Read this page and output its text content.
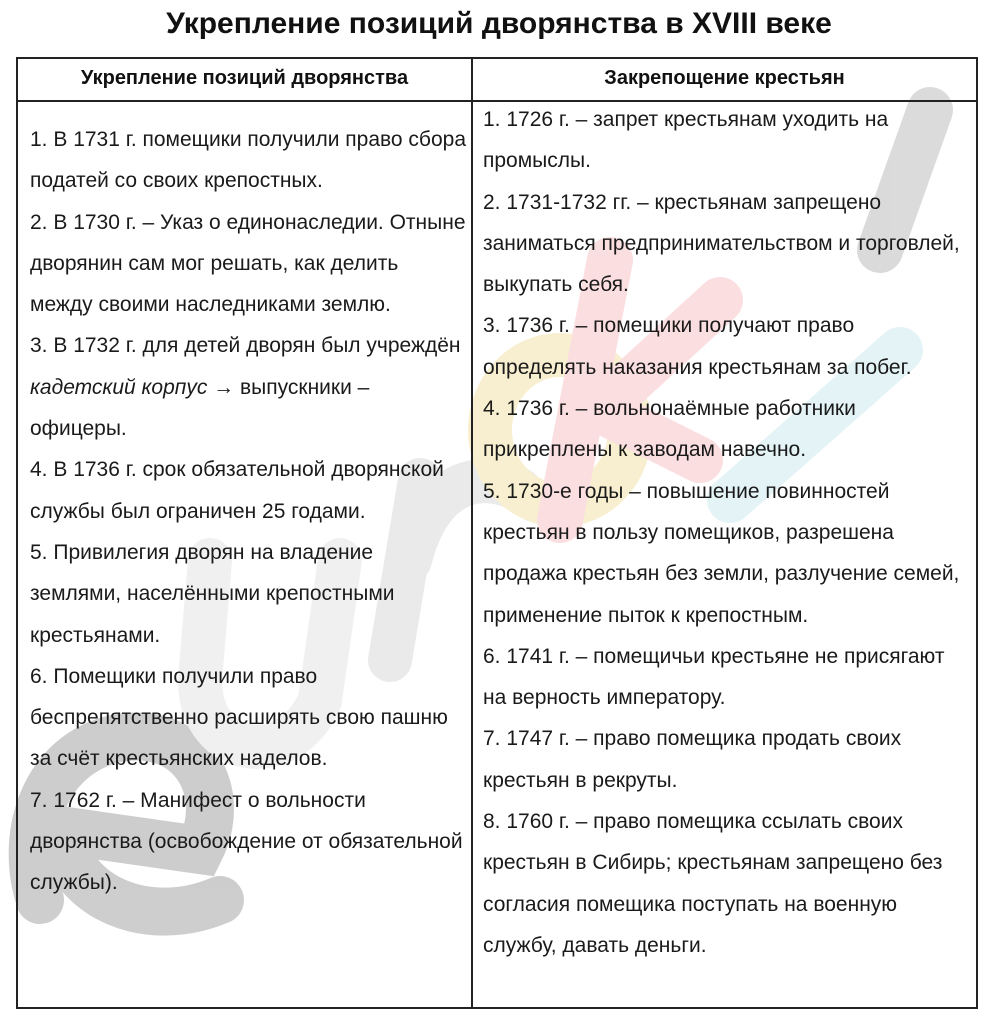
Укрепление позиций дворянства в XVIII веке
Укрепление позиций дворянства	Закрепощение крестьян

1. В 1731 г. помещики получили право сбора податей со своих крепостных.

2. В 1730 г. – Указ о единонаследии. Отныне дворянин сам мог решать, как делить между своими наследниками землю.

3. В 1732 г. для детей дворян был учреждён кадетский корпус → выпускники – офицеры.

4. В 1736 г. срок обязательной дворянской службы был ограничен 25 годами.

5. Привилегия дворян на владение землями, населёнными крепостными крестьянами.

6. Помещики получили право беспрепятственно расширять свою пашню за счёт крестьянских наделов.

7. 1762 г. – Манифест о вольности дворянства (освобождение от обязательной службы).

1. 1726 г. – запрет крестьянам уходить на промыслы.

2. 1731-1732 гг. – крестьянам запрещено заниматься предпринимательством и торговлей, выкупать себя.

3. 1736 г. – помещики получают право определять наказания крестьянам за побег.

4. 1736 г. – вольнонаёмные работники прикреплены к заводам навечно.

5. 1730-е годы – повышение повинностей крестьян в пользу помещиков, разрешена продажа крестьян без земли, разлучение семей, применение пыток к крепостным.

6. 1741 г. – помещичьи крестьяне не присягают на верность императору.

7. 1747 г. – право помещика продать своих крестьян в рекруты.

8. 1760 г. – право помещика ссылать своих крестьян в Сибирь; крестьянам запрещено без согласия помещика поступать на военную службу, давать деньги.
